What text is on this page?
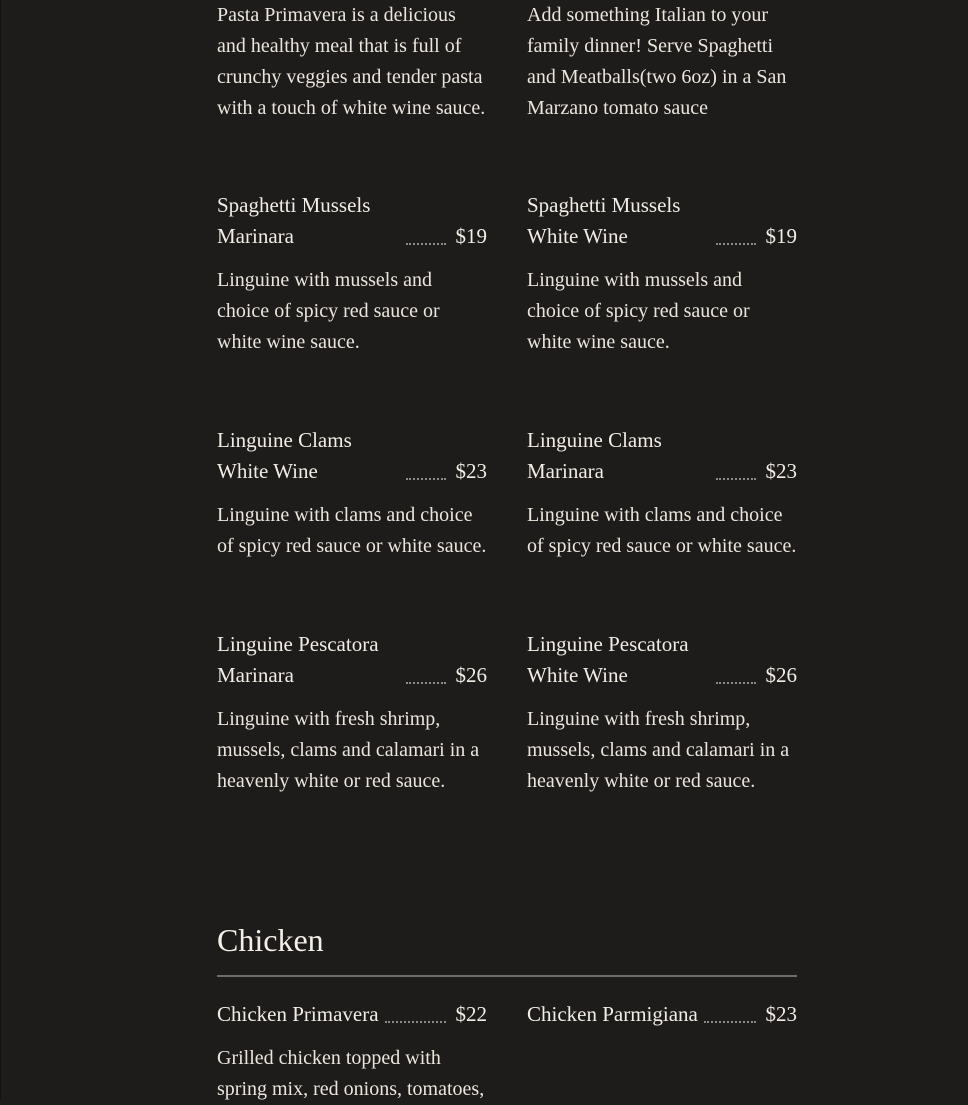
Pasta Primavera is a delicious and healthy meal that is full of crunchy veggies and tender pasta with a touch of white wine sauce.
Add something Italian to your family dinner! Serve Spaghetti and Meatballs(two 6oz) in a San Marzano tomato sauce
Spaghetti Mussels Marinara	$19
Linguine with mussels and choice of spicy red sauce or white wine sauce.
Spaghetti Mussels White Wine	$19
Linguine with mussels and choice of spicy red sauce or white wine sauce.
Linguine Clams White Wine	$23
Linguine with clams and choice of spicy red sauce or white sauce.
Linguine Clams Marinara	$23
Linguine with clams and choice of spicy red sauce or white sauce.
Linguine Pescatora Marinara	$26
Linguine with fresh shrimp, mussels, clams and calamari in a heavenly white or red sauce.
Linguine Pescatora White Wine	$26
Linguine with fresh shrimp, mussels, clams and calamari in a heavenly white or red sauce.
Chicken
Chicken Primavera	$22
Grilled chicken topped with spring mix, red onions, tomatoes,
Chicken Parmigiana	$23
